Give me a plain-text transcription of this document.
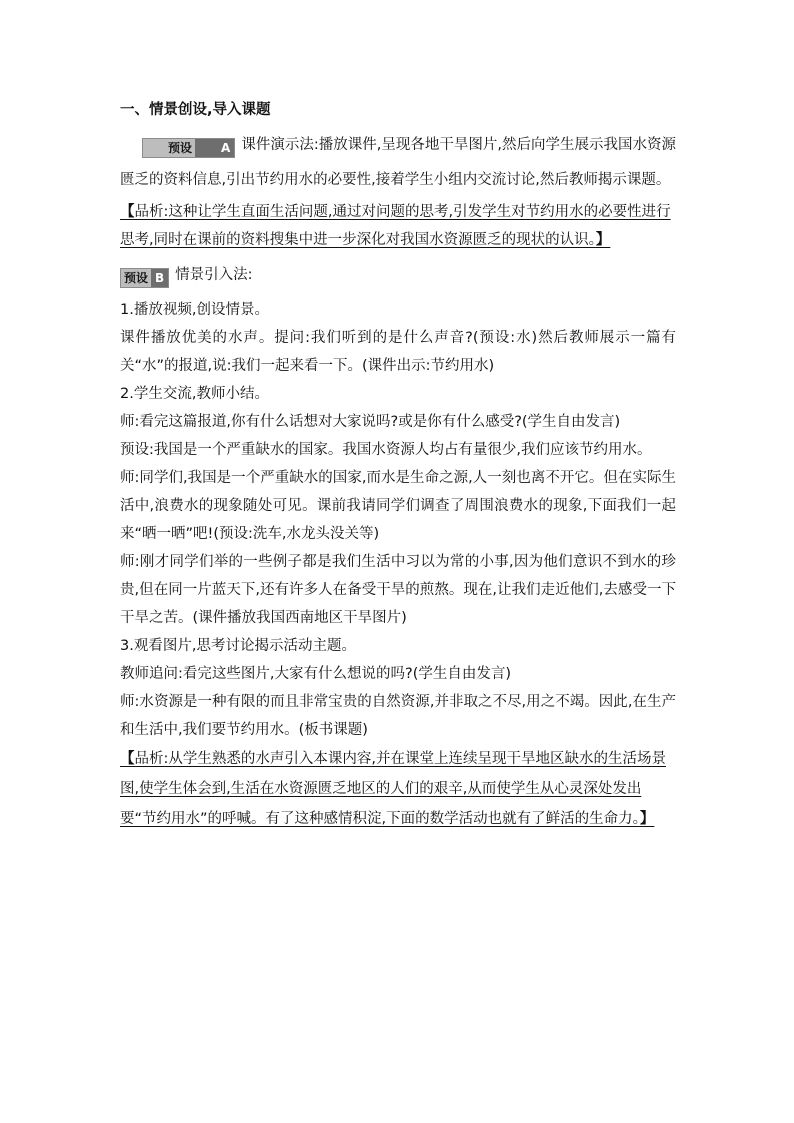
一、情景创设,导入课题

预设	A 课件演示法:播放课件,呈现各地干旱图片,然后向学生展示我国水资源匮乏的资料信息,引出节约用水的必要性,接着学生小组内交流讨论,然后教师揭示课题。

【品析:这种让学生直面生活问题,通过对问题的思考,引发学生对节约用水的必要性进行思考,同时在课前的资料搜集中进一步深化对我国水资源匮乏的现状的认识。】

预设 B 情景引入法:

1.播放视频,创设情景。

课件播放优美的水声。提问:我们听到的是什么声音?(预设:水)然后教师展示一篇有关“水”的报道,说:我们一起来看一下。(课件出示:节约用水)

2.学生交流,教师小结。

师:看完这篇报道,你有什么话想对大家说吗?或是你有什么感受?(学生自由发言)

预设:我国是一个严重缺水的国家。我国水资源人均占有量很少,我们应该节约用水。

师:同学们,我国是一个严重缺水的国家,而水是生命之源,人一刻也离不开它。但在实际生活中,浪费水的现象随处可见。课前我请同学们调查了周围浪费水的现象,下面我们一起来“晒一晒”吧!(预设:洗车,水龙头没关等)

师:刚才同学们举的一些例子都是我们生活中习以为常的小事,因为他们意识不到水的珍贵,但在同一片蓝天下,还有许多人在备受干旱的煎熬。现在,让我们走近他们,去感受一下干旱之苦。(课件播放我国西南地区干旱图片)

3.观看图片,思考讨论揭示活动主题。

教师追问:看完这些图片,大家有什么想说的吗?(学生自由发言)

师:水资源是一种有限的而且非常宝贵的自然资源,并非取之不尽,用之不竭。因此,在生产和生活中,我们要节约用水。(板书课题)

【品析:从学生熟悉的水声引入本课内容,并在课堂上连续呈现干旱地区缺水的生活场景图,使学生体会到,生活在水资源匮乏地区的人们的艰辛,从而使学生从心灵深处发出要“节约用水”的呼喊。有了这种感情积淀,下面的数学活动也就有了鲜活的生命力。】
